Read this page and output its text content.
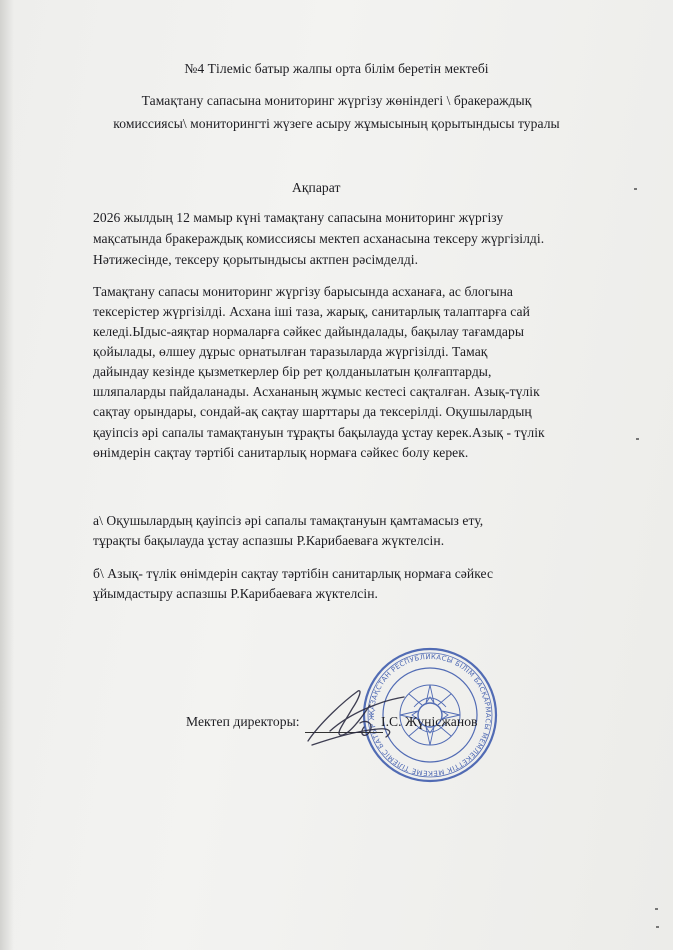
№4 Тілеміс батыр жалпы орта білім беретін мектебі
Тамақтану сапасына мониторинг жүргізу жөніндегі \ бракераждық
комиссиясы\ мониторингті жүзеге асыру жұмысының қорытындысы туралы
Ақпарат
2026 жылдың 12 мамыр күні тамақтану сапасына мониторинг жүргізу
мақсатында бракераждық комиссиясы мектеп асханасына тексеру жүргізілді.
Нәтижесінде, тексеру қорытындысы актпен рәсімделді.
Тамақтану сапасы мониторинг жүргізу барысында асханаға, ас блогына
тексерістер жүргізілді. Асхана іші таза, жарық, санитарлық талаптарға сай
келеді.Ыдыс-аяқтар нормаларға сәйкес дайындалады, бақылау тағамдары
қойылады, өлшеу дұрыс орнатылған таразыларда жүргізілді. Тамақ
дайындау кезінде қызметкерлер бір рет қолданылатын қолғаптарды,
шляпаларды пайдаланады. Асхананың жұмыс кестесі сақталған. Азық-түлік
сақтау орындары, сондай-ақ сақтау шарттары да тексерілді. Оқушылардың
қауіпсіз әрі сапалы тамақтануын тұрақты бақылауда ұстау керек.Азық - түлік
өнімдерін сақтау тәртібі санитарлық нормаға сәйкес болу керек.
а\ Оқушылардың қауіпсіз әрі сапалы тамақтануын қамтамасыз ету,
тұрақты бақылауда ұстау аспазшы Р.Карибаеваға жүктелсін.
б\ Азық- түлік өнімдерін сақтау тәртібін санитарлық нормаға сәйкес
ұйымдастыру аспазшы Р.Карибаеваға жүктелсін.
ҚАЗАҚСТАН РЕСПУБЛИКАСЫ БІЛІМ БАСҚАРМАСЫ МЕМЛЕКЕТТІК МЕКЕМЕ ТІЛЕМІС БАТ Р ЖАЛПЫ ОРТА БІЛІМ БЕРЕТІН МЕКТЕБІ
Мектеп директоры:	І.С. Жүнісжанов
